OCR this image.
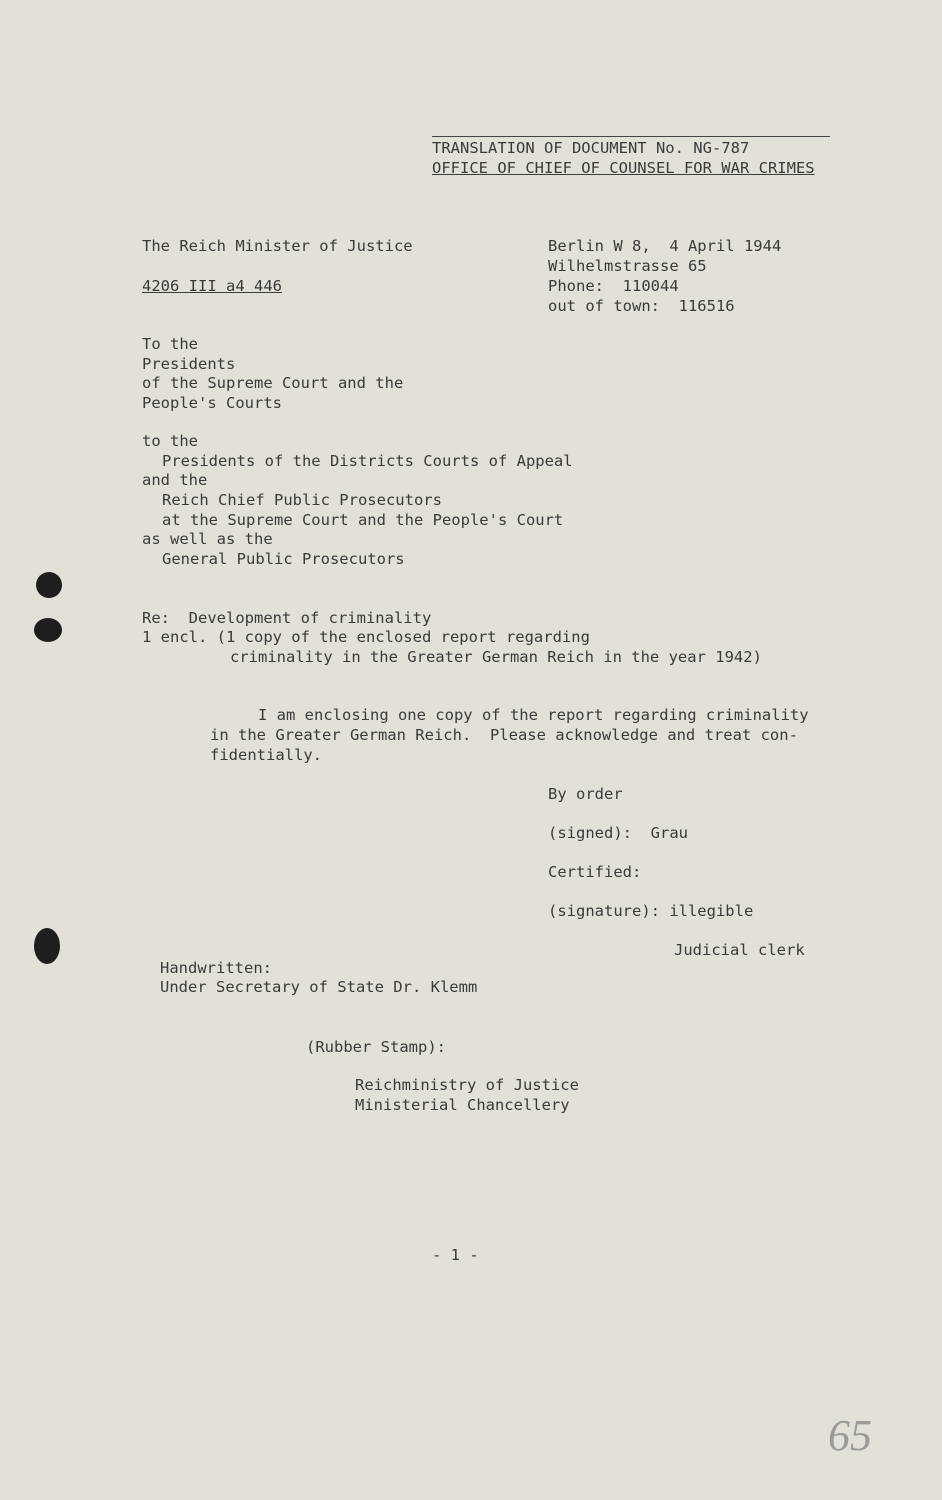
TRANSLATION OF DOCUMENT No. NG-787
OFFICE OF CHIEF OF COUNSEL FOR WAR CRIMES
The Reich Minister of Justice
4206 III a4 446
Berlin W 8,  4 April 1944
Wilhelmstrasse 65
Phone:  110044
out of town:  116516
To the
Presidents
of the Supreme Court and the
People's Courts
to the
Presidents of the Districts Courts of Appeal
and the
Reich Chief Public Prosecutors
at the Supreme Court and the People's Court
as well as the
General Public Prosecutors
Re:  Development of criminality
1 encl. (1 copy of the enclosed report regarding
criminality in the Greater German Reich in the year 1942)
I am enclosing one copy of the report regarding criminality
in the Greater German Reich.  Please acknowledge and treat con-
fidentially.
By order
(signed):  Grau
Certified:
(signature): illegible
Judicial clerk
Handwritten:
Under Secretary of State Dr. Klemm
(Rubber Stamp):
Reichministry of Justice
Ministerial Chancellery
- 1 -
65
